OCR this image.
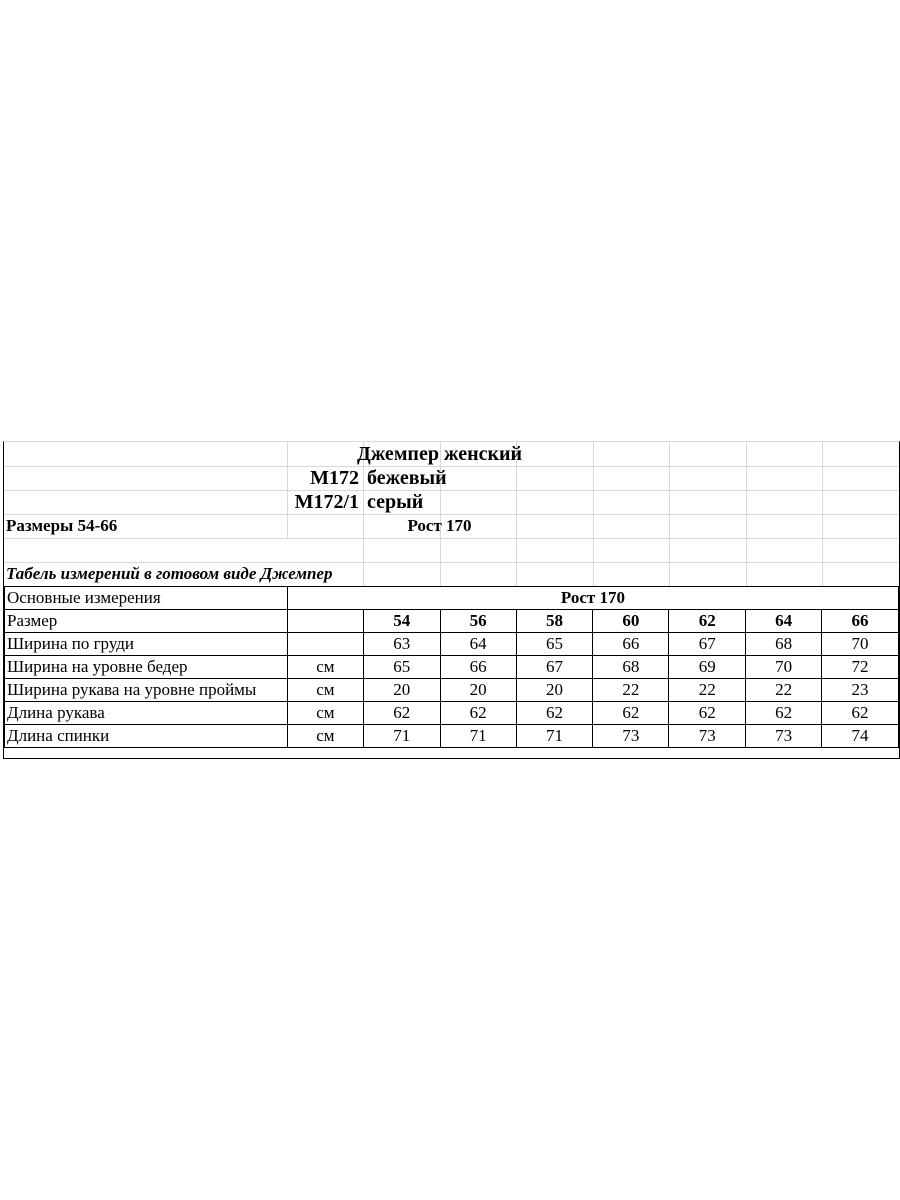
Джемпер женский
М172 бежевый
М172/1 серый
Размеры 54-66	Рост 170
Табель измерений в готовом виде Джемпер
Основные измерения	Рост 170							
Размер		54	56	58	60	62	64	66
Ширина по груди		63	64	65	66	67	68	70
Ширина на уровне бедер	см	65	66	67	68	69	70	72
Ширина рукава на уровне проймы	см	20	20	20	22	22	22	23
Длина рукава	см	62	62	62	62	62	62	62
Длина спинки	см	71	71	71	73	73	73	74
